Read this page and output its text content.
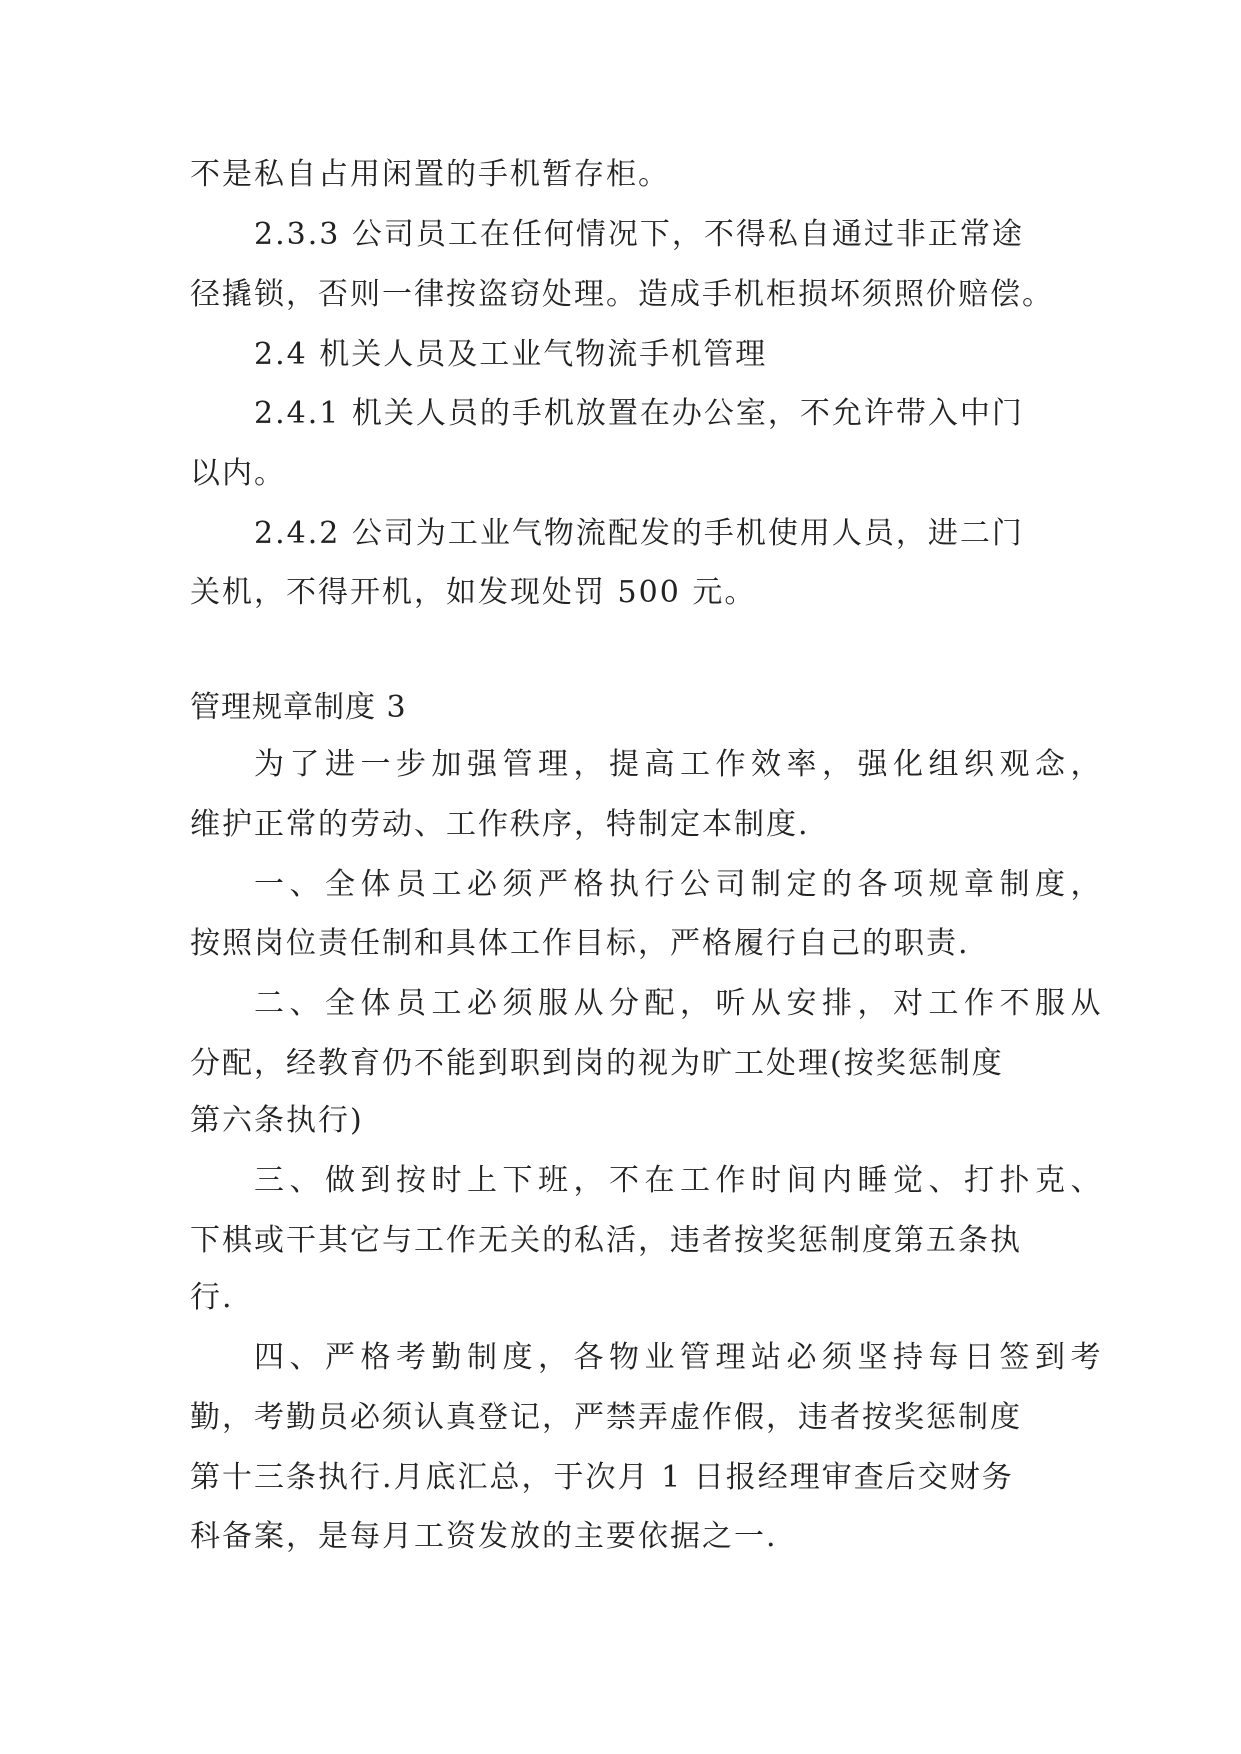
不是私自占用闲置的手机暂存柜。
2.3.3 公司员工在任何情况下，不得私自通过非正常途
径撬锁，否则一律按盗窃处理。造成手机柜损坏须照价赔偿。
2.4 机关人员及工业气物流手机管理
2.4.1 机关人员的手机放置在办公室，不允许带入中门
以内。
2.4.2 公司为工业气物流配发的手机使用人员，进二门
关机，不得开机，如发现处罚 500 元。
管理规章制度 3
为了进一步加强管理，提高工作效率，强化组织观念，
维护正常的劳动、工作秩序，特制定本制度.
一、全体员工必须严格执行公司制定的各项规章制度，
按照岗位责任制和具体工作目标，严格履行自己的职责.
二、全体员工必须服从分配，听从安排，对工作不服从
分配，经教育仍不能到职到岗的视为旷工处理(按奖惩制度
第六条执行)
三、做到按时上下班，不在工作时间内睡觉、打扑克、
下棋或干其它与工作无关的私活，违者按奖惩制度第五条执
行.
四、严格考勤制度，各物业管理站必须坚持每日签到考
勤，考勤员必须认真登记，严禁弄虚作假，违者按奖惩制度
第十三条执行.月底汇总，于次月 1 日报经理审查后交财务
科备案，是每月工资发放的主要依据之一.
